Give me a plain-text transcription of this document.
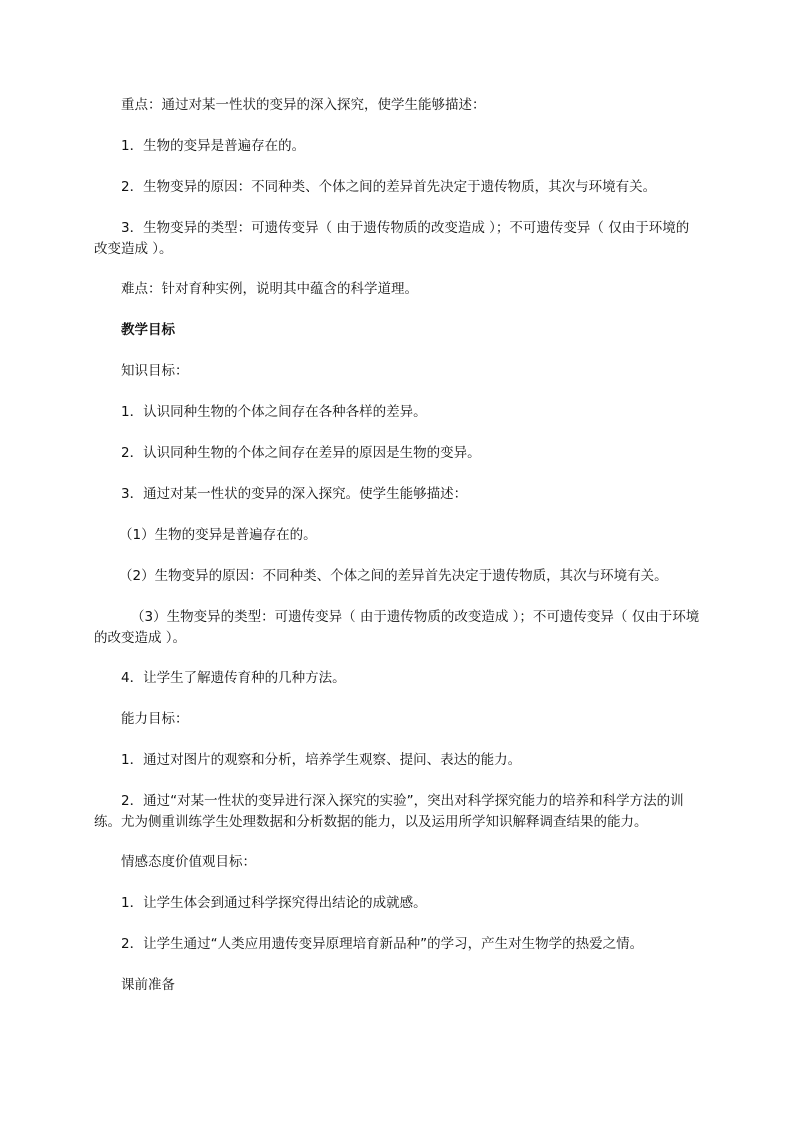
重点：通过对某一性状的变异的深入探究，使学生能够描述：

1．生物的变异是普遍存在的。

2．生物变异的原因：不同种类、个体之间的差异首先决定于遗传物质，其次与环境有关。

3．生物变异的类型：可遗传变异（ 由于遗传物质的改变造成 ）；不可遗传变异（ 仅由于环境的改变造成 ）。

难点：针对育种实例，说明其中蕴含的科学道理。

教学目标

知识目标：

1．认识同种生物的个体之间存在各种各样的差异。

2．认识同种生物的个体之间存在差异的原因是生物的变异。

3．通过对某一性状的变异的深入探究。使学生能够描述：

（1）生物的变异是普遍存在的。

（2）生物变异的原因：不同种类、个体之间的差异首先决定于遗传物质，其次与环境有关。

（3）生物变异的类型：可遗传变异（ 由于遗传物质的改变造成 ）；不可遗传变异（ 仅由于环境的改变造成 ）。

4．让学生了解遗传育种的几种方法。

能力目标：

1．通过对图片的观察和分析，培养学生观察、提问、表达的能力。

2．通过“对某一性状的变异进行深入探究的实验”，突出对科学探究能力的培养和科学方法的训练。尤为侧重训练学生处理数据和分析数据的能力，以及运用所学知识解释调查结果的能力。

情感态度价值观目标：

1．让学生体会到通过科学探究得出结论的成就感。

2．让学生通过“人类应用遗传变异原理培育新品种”的学习，产生对生物学的热爱之情。

课前准备
